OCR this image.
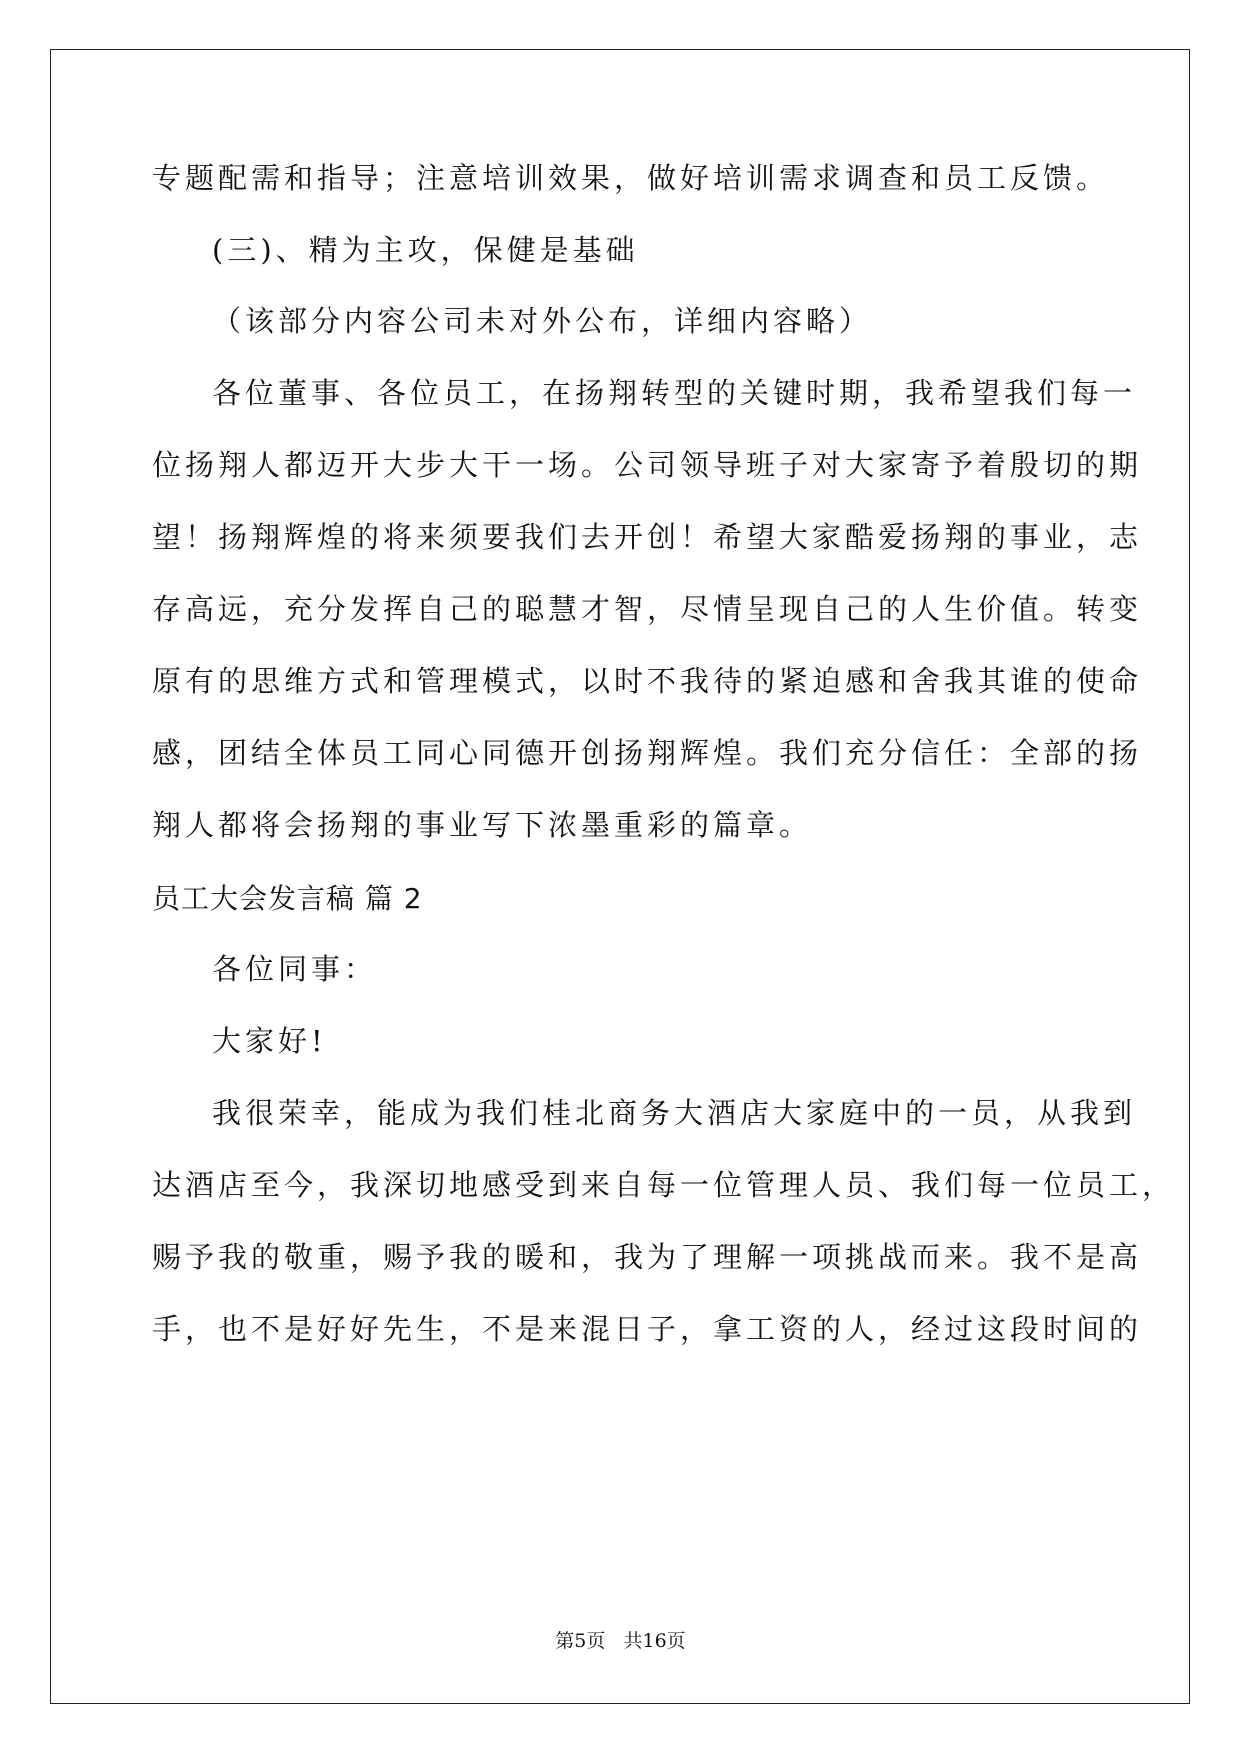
专题配需和指导；注意培训效果，做好培训需求调查和员工反馈。
(三)、精为主攻，保健是基础
（该部分内容公司未对外公布，详细内容略）
各位董事、各位员工，在扬翔转型的关键时期，我希望我们每一
位扬翔人都迈开大步大干一场。公司领导班子对大家寄予着殷切的期
望！扬翔辉煌的将来须要我们去开创！希望大家酷爱扬翔的事业，志
存高远，充分发挥自己的聪慧才智，尽情呈现自己的人生价值。转变
原有的思维方式和管理模式，以时不我待的紧迫感和舍我其谁的使命
感，团结全体员工同心同德开创扬翔辉煌。我们充分信任：全部的扬
翔人都将会扬翔的事业写下浓墨重彩的篇章。
员工大会发言稿 篇 2
各位同事：
大家好!
我很荣幸，能成为我们桂北商务大酒店大家庭中的一员，从我到
达酒店至今，我深切地感受到来自每一位管理人员、我们每一位员工，
赐予我的敬重，赐予我的暖和，我为了理解一项挑战而来。我不是高
手，也不是好好先生，不是来混日子，拿工资的人，经过这段时间的
第5页   共16页
